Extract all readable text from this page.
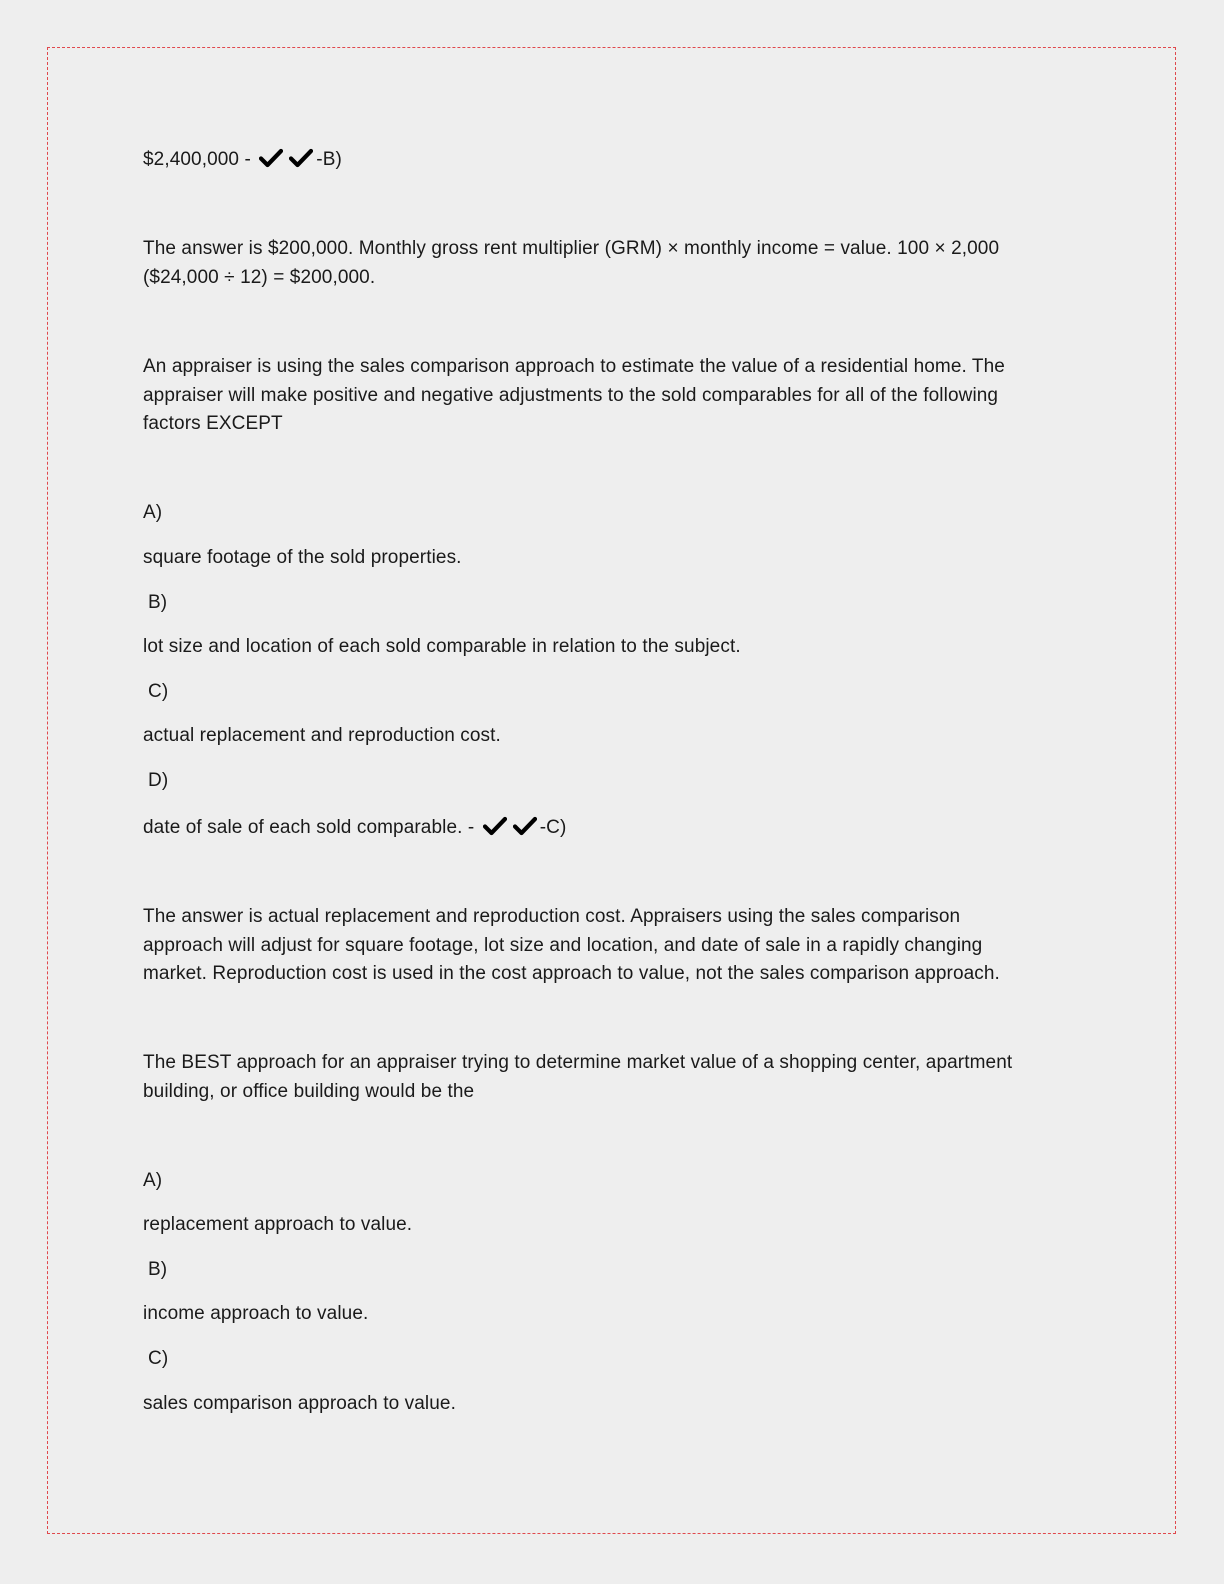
$2,400,000 -	-B)
The answer is $200,000. Monthly gross rent multiplier (GRM) × monthly income = value. 100 × 2,000
($24,000 ÷ 12) = $200,000.
An appraiser is using the sales comparison approach to estimate the value of a residential home. The
appraiser will make positive and negative adjustments to the sold comparables for all of the following
factors EXCEPT
A)
square footage of the sold properties.
B)
lot size and location of each sold comparable in relation to the subject.
C)
actual replacement and reproduction cost.
D)
date of sale of each sold comparable. -	-C)
The answer is actual replacement and reproduction cost. Appraisers using the sales comparison
approach will adjust for square footage, lot size and location, and date of sale in a rapidly changing
market. Reproduction cost is used in the cost approach to value, not the sales comparison approach.
The BEST approach for an appraiser trying to determine market value of a shopping center, apartment
building, or office building would be the
A)
replacement approach to value.
B)
income approach to value.
C)
sales comparison approach to value.
